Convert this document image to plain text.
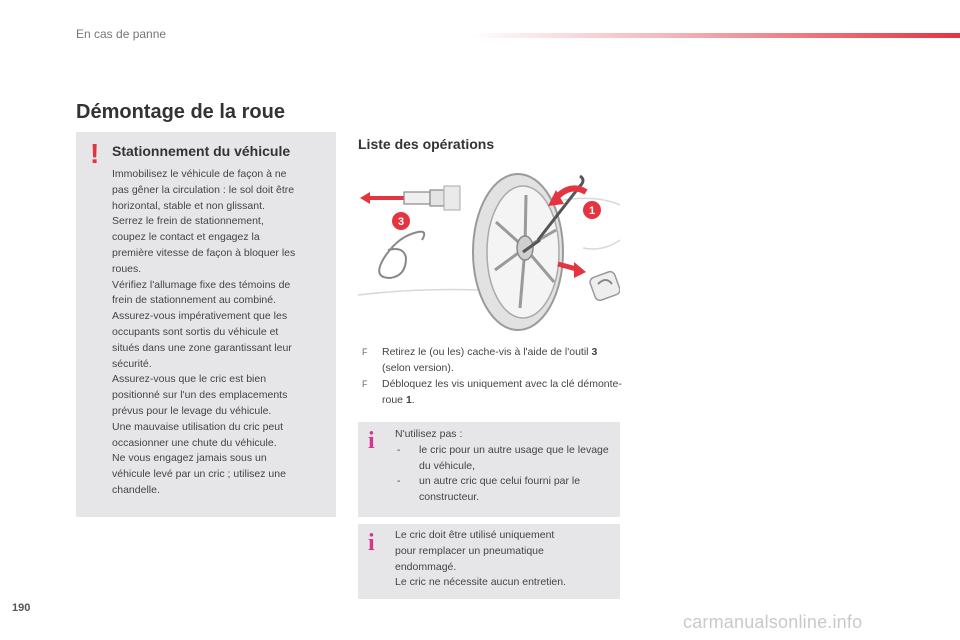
En cas de panne
Démontage de la roue
! Stationnement du véhicule
Immobilisez le véhicule de façon à ne
pas gêner la circulation : le sol doit être
horizontal, stable et non glissant.
Serrez le frein de stationnement,
coupez le contact et engagez la
première vitesse de façon à bloquer les
roues.
Vérifiez l'allumage fixe des témoins de
frein de stationnement au combiné.
Assurez-vous impérativement que les
occupants sont sortis du véhicule et
situés dans une zone garantissant leur
sécurité.
Assurez-vous que le cric est bien
positionné sur l'un des emplacements
prévus pour le levage du véhicule.
Une mauvaise utilisation du cric peut
occasionner une chute du véhicule.
Ne vous engagez jamais sous un
véhicule levé par un cric ; utilisez une
chandelle.
Liste des opérations
1
3
F Retirez le (ou les) cache-vis à l'aide de l'outil 3 (selon version).
F Débloquez les vis uniquement avec la clé démonte-roue 1.
i N'utilisez pas :
- le cric pour un autre usage que le levage du véhicule,
- un autre cric que celui fourni par le constructeur.
i Le cric doit être utilisé uniquement
pour remplacer un pneumatique
endommagé.
Le cric ne nécessite aucun entretien.
190
carmanualsonline.info
